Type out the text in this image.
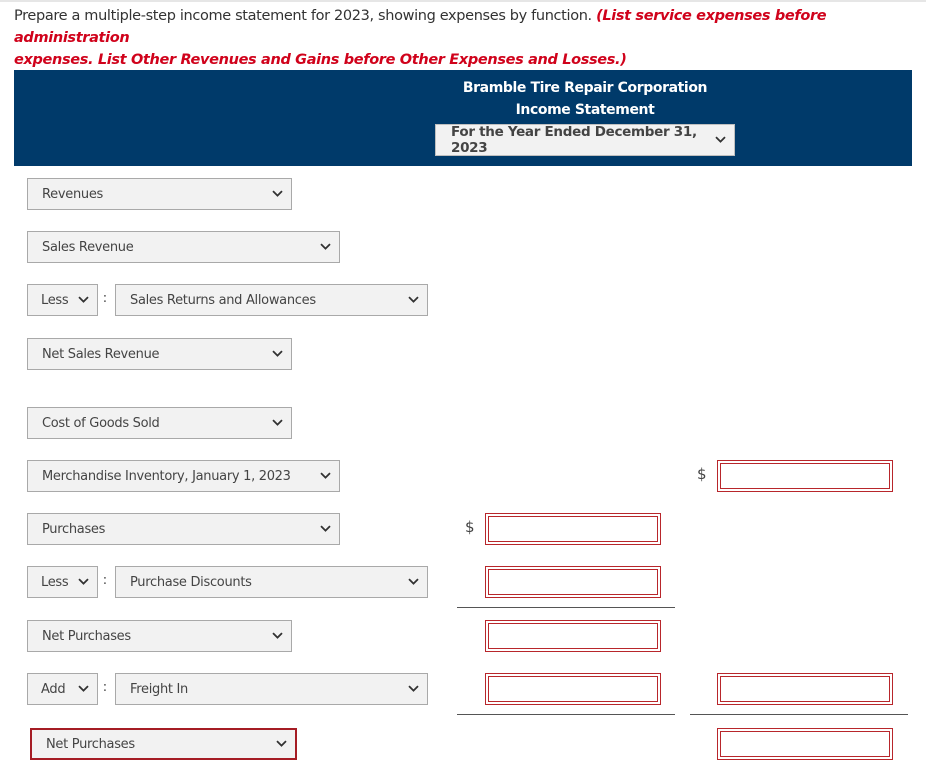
Prepare a multiple-step income statement for 2023, showing expenses by function. (List service expenses before administration
expenses. List Other Revenues and Gains before Other Expenses and Losses.)
Bramble Tire Repair Corporation
Income Statement
For the Year Ended December 31, 2023
Revenues
Sales Revenue
Less	:	Sales Returns and Allowances
Net Sales Revenue
Cost of Goods Sold
Merchandise Inventory, January 1, 2023	$
Purchases	$
Less	:	Purchase Discounts
Net Purchases
Add	:	Freight In
Net Purchases
